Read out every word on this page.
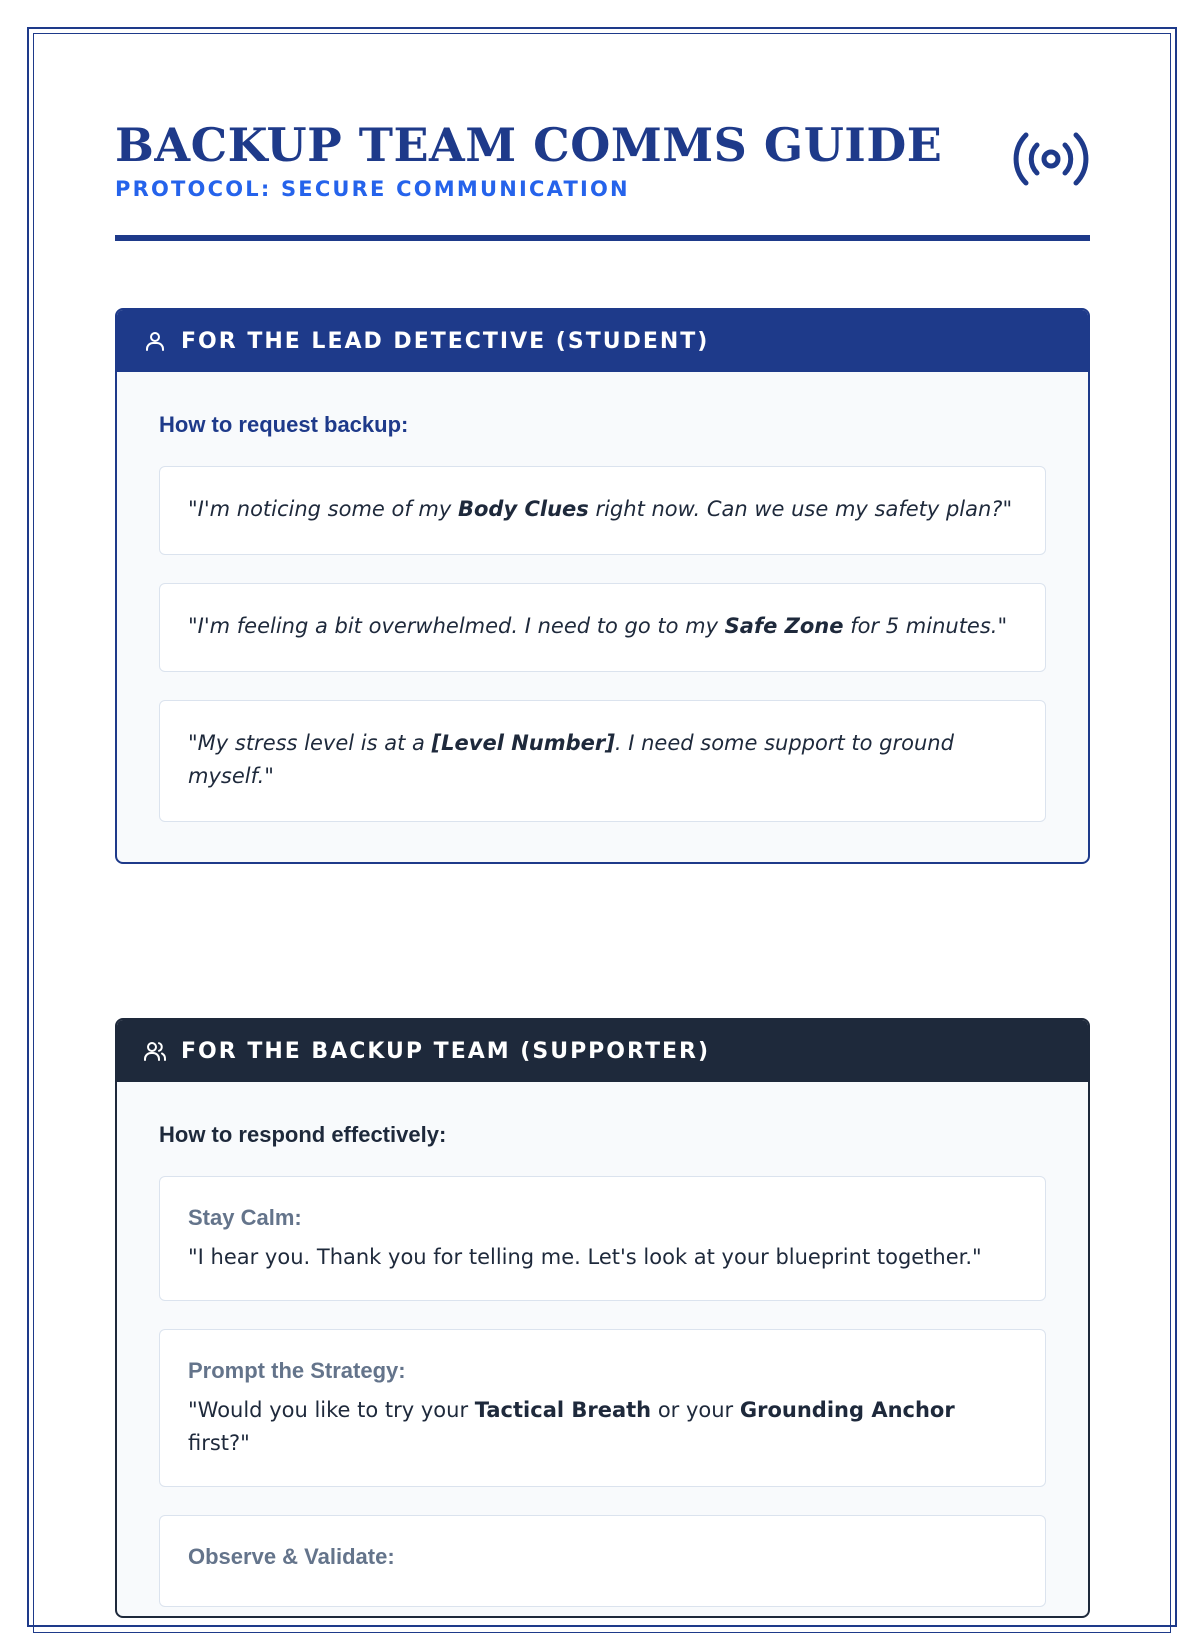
BACKUP TEAM COMMS GUIDE
PROTOCOL: SECURE COMMUNICATION
FOR THE LEAD DETECTIVE (STUDENT)
How to request backup:
"I'm noticing some of my Body Clues right now. Can we use my safety plan?"
"I'm feeling a bit overwhelmed. I need to go to my Safe Zone for 5 minutes."
"My stress level is at a [Level Number]. I need some support to ground myself."
FOR THE BACKUP TEAM (SUPPORTER)
How to respond effectively:
Stay Calm:
"I hear you. Thank you for telling me. Let's look at your blueprint together."
Prompt the Strategy:
"Would you like to try your Tactical Breath or your Grounding Anchor first?"
Observe & Validate:
